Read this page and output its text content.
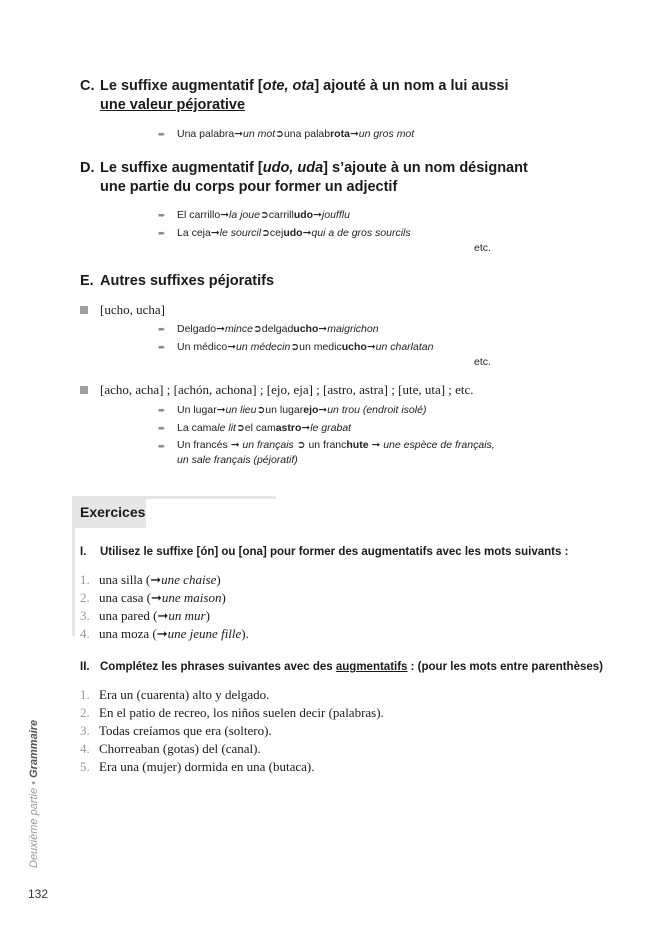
C. Le suffixe augmentatif [ote, ota] ajouté à un nom a lui aussi
une valeur péjorative
➨	Una palabra ➞ un mot ➲ una palab rota ➞ un gros mot
D. Le suffixe augmentatif [udo, uda] s’ajoute à un nom désignant
une partie du corps pour former un adjectif
➨	El carrillo ➞ la joue ➲ carrill udo ➞ joufflu
➨	La ceja ➞ le sourcil ➲ cej udo ➞ qui a de gros sourcils
etc.
E. Autres suffixes péjoratifs
[ucho, ucha]
➨	Delgado ➞ mince ➲ delgad ucho ➞ maigrichon
➨	Un médico ➞ un médecin ➲ un medic ucho ➞ un charlatan
etc.
[acho, acha] ; [achón, achona] ; [ejo, eja] ; [astro, astra] ; [ute, uta] ; etc.
➨	Un lugar ➞ un lieu ➲ un lugar ejo ➞ un trou (endroit isolé)
➨	La cama le lit ➲ el cam astro ➞ le grabat
➨	Un francés ➞ un français ➲ un franchute ➞ une espèce de français,
un sale français (péjoratif)
Exercices
I.	Utilisez le suffixe [ón] ou [ona] pour former des augmentatifs avec les mots suivants :
1. una silla (➞ une chaise )
2. una casa (➞ une maison )
3. una pared (➞ un mur )
4. una moza (➞ une jeune fille ).
II. Complétez les phrases suivantes avec des augmentatifs : (pour les mots entre parenthèses)
1. Era un (cuarenta) alto y delgado.
2. En el patio de recreo, los niños suelen decir (palabras).
3. Todas creíamos que era (soltero).
4. Chorreaban (gotas) del (canal).
5. Era una (mujer) dormida en una (butaca).
Deuxième partie • Grammaire
132
